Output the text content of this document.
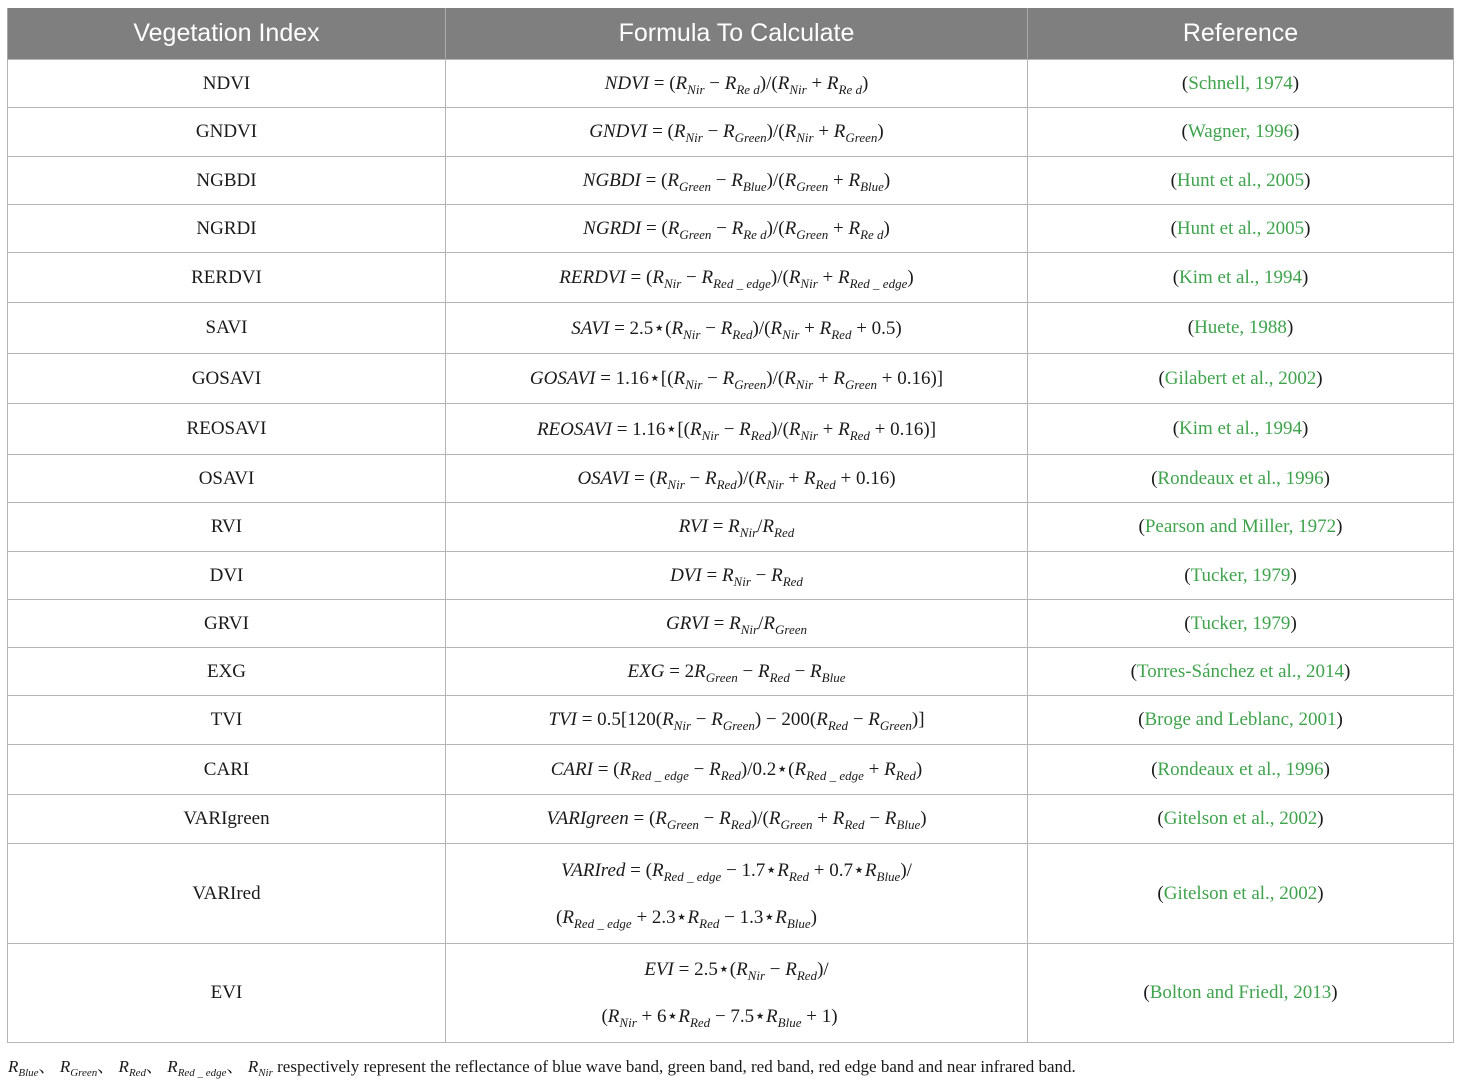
Vegetation Index	Formula To Calculate	Reference
NDVI	NDVI = $(R_{Nir} - R_{Re d})/(R_{Nir} + R_{Re d})$	(Schnell, 1974)
GNDVI	GNDVI = $(R_{Nir} - R_{Green})/(R_{Nir} + R_{Green})$	(Wagner, 1996)
NGBDI	NGBDI = $(R_{Green} - R_{Blue})/(R_{Green} + R_{Blue})$	(Hunt et al., 2005)
NGRDI	NGRDI = $(R_{Green} - R_{Re d})/(R_{Green} + R_{Re d})$	(Hunt et al., 2005)
RERDVI	RERDVI = $(R_{Nir} - R_{Red \_ edge})/(R_{Nir} + R_{Red \_ edge})$	(Kim et al., 1994)
SAVI	SAVI = $2.5⋆(R_{Nir} - R_{Red})/(R_{Nir} + R_{Red} + 0.5)$	(Huete, 1988)
GOSAVI	GOSAVI = $1.16⋆[(R_{Nir} - R_{Green})/(R_{Nir} + R_{Green} + 0.16)]$	(Gilabert et al., 2002)
REOSAVI	REOSAVI = $1.16⋆[(R_{Nir} - R_{Red})/(R_{Nir} + R_{Red} + 0.16)]$	(Kim et al., 1994)
OSAVI	OSAVI = $(R_{Nir} - R_{Red})/(R_{Nir} + R_{Red} + 0.16)$	(Rondeaux et al., 1996)
RVI	RVI = $R_{Nir}/R_{Red}$	(Pearson and Miller, 1972)
DVI	DVI = $R_{Nir} - R_{Red}$	(Tucker, 1979)
GRVI	GRVI = $R_{Nir}/R_{Green}$	(Tucker, 1979)
EXG	EXG = $2R_{Green} - R_{Red} - R_{Blue}$	(Torres-Sánchez et al., 2014)
TVI	TVI = $0.5[120(R_{Nir} - R_{Green}) - 200(R_{Red} - R_{Green})]$	(Broge and Leblanc, 2001)
CARI	CARI = ($R_{Red \_ edge}$ − $R_{Red})/0.2⋆(R_{Red \_ edge} + R_{Red})$	(Rondeaux et al., 1996)
VARIgreen	VARIgreen = $(R_{Green} - R_{Red})/(R_{Green} + R_{Red} - R_{Blue})$	(Gitelson et al., 2002)
VARIred	VARIred = ($R_{Red \_ edge}$ − $1.7⋆R_{Red}$ + $0.7⋆R_{Blue})/$
($R_{Red \_ edge}$ + $2.3⋆R_{Red}$ − $1.3⋆R_{Blue}$)	(Gitelson et al., 2002)
EVI	EVI = $2.5⋆(R_{Nir} - R_{Red})/$
($R_{Nir}$ + $6⋆R_{Red}$ − $7.5⋆R_{Blue} + 1$)	(Bolton and Friedl, 2013)
$R_{Blue}$、 $R_{Green}$、 $R_{Red}$、 $R_{Red \_ edge}$、 $R_{Nir}$ respectively represent the reflectance of blue wave band, green band, red band, red edge band and near infrared band.
